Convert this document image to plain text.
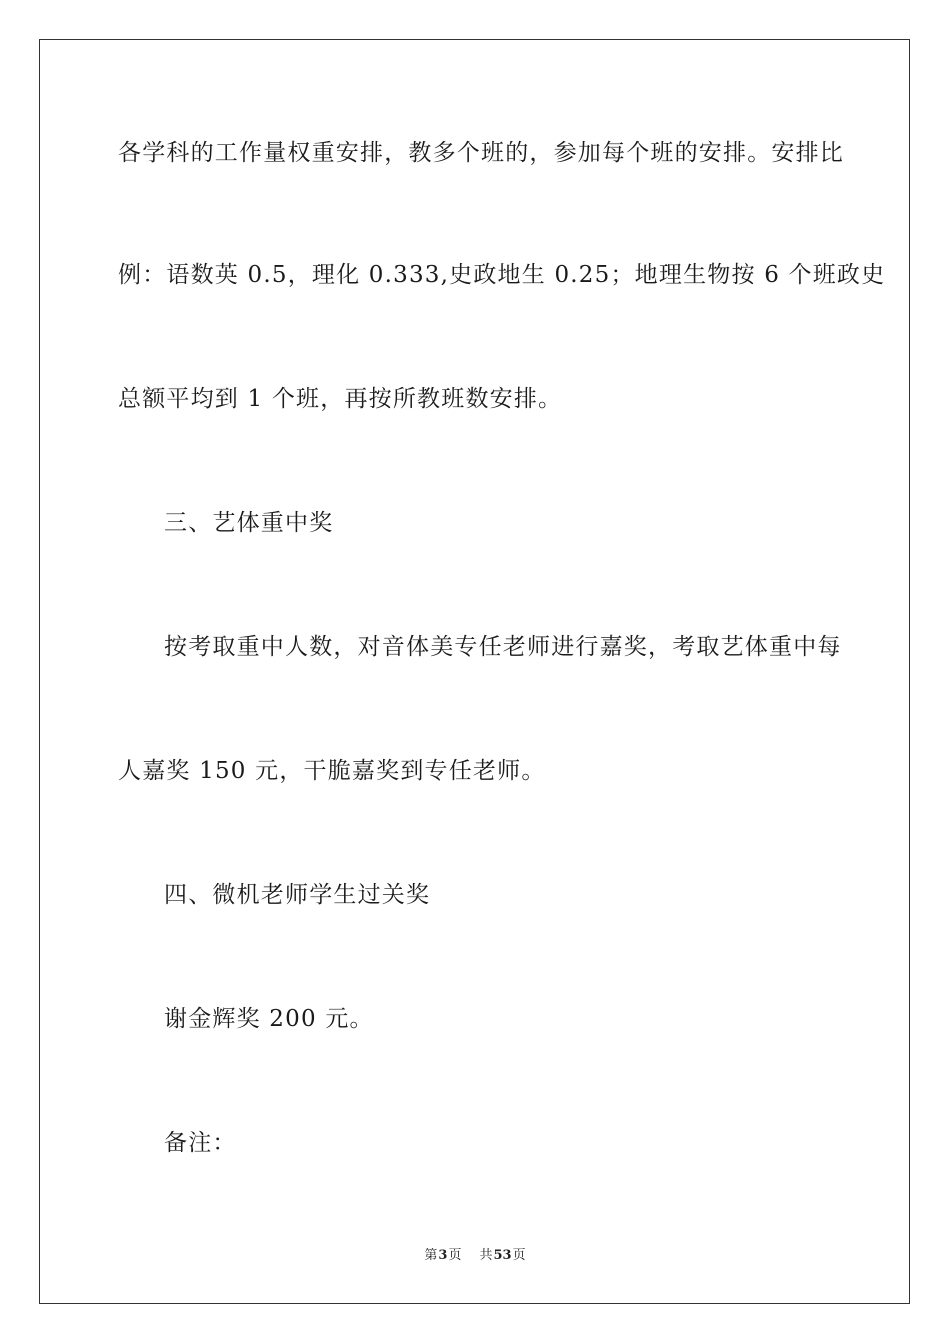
各学科的工作量权重安排，教多个班的，参加每个班的安排。安排比
例：语数英 0.5，理化 0.333,史政地生 0.25；地理生物按 6 个班政史
总额平均到 1 个班，再按所教班数安排。
三、艺体重中奖
按考取重中人数，对音体美专任老师进行嘉奖，考取艺体重中每
人嘉奖 150 元，干脆嘉奖到专任老师。
四、微机老师学生过关奖
谢金辉奖 200 元。
备注：
第3页 共53页
